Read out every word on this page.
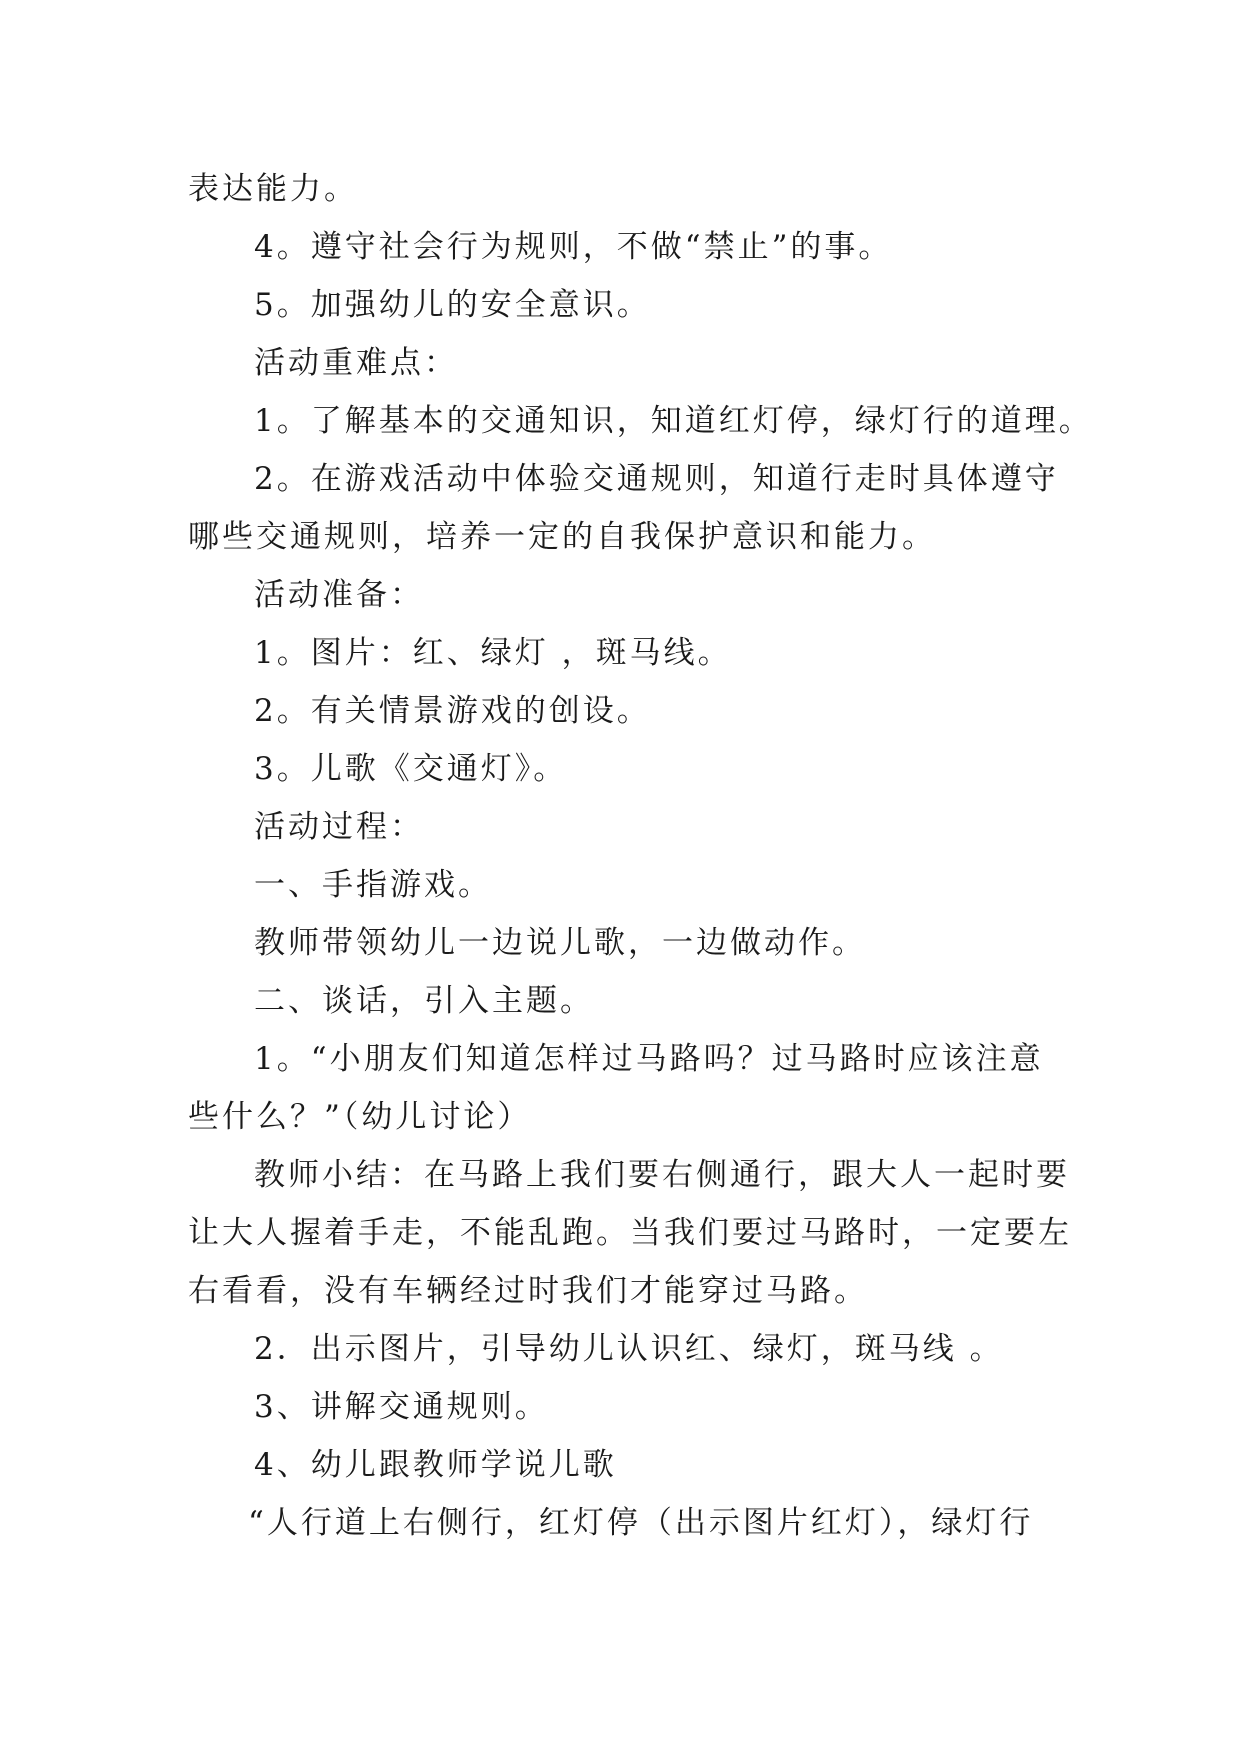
表达能力。
4。遵守社会行为规则，不做“禁止”的事。
5。加强幼儿的安全意识。
活动重难点：
1。了解基本的交通知识，知道红灯停，绿灯行的道理。
2。在游戏活动中体验交通规则，知道行走时具体遵守
哪些交通规则，培养一定的自我保护意识和能力。
活动准备：
1。图片：红、绿灯 ，斑马线。
2。有关情景游戏的创设。
3。儿歌《交通灯》。
活动过程：
一、手指游戏。
教师带领幼儿一边说儿歌，一边做动作。
二、谈话，引入主题。
1。“小朋友们知道怎样过马路吗？过马路时应该注意
些什么？”（幼儿讨论）
教师小结：在马路上我们要右侧通行，跟大人一起时要
让大人握着手走，不能乱跑。当我们要过马路时，一定要左
右看看，没有车辆经过时我们才能穿过马路。
2．出示图片，引导幼儿认识红、绿灯，斑马线 。
3、讲解交通规则。
4、幼儿跟教师学说儿歌
“人行道上右侧行，红灯停（出示图片红灯），绿灯行
